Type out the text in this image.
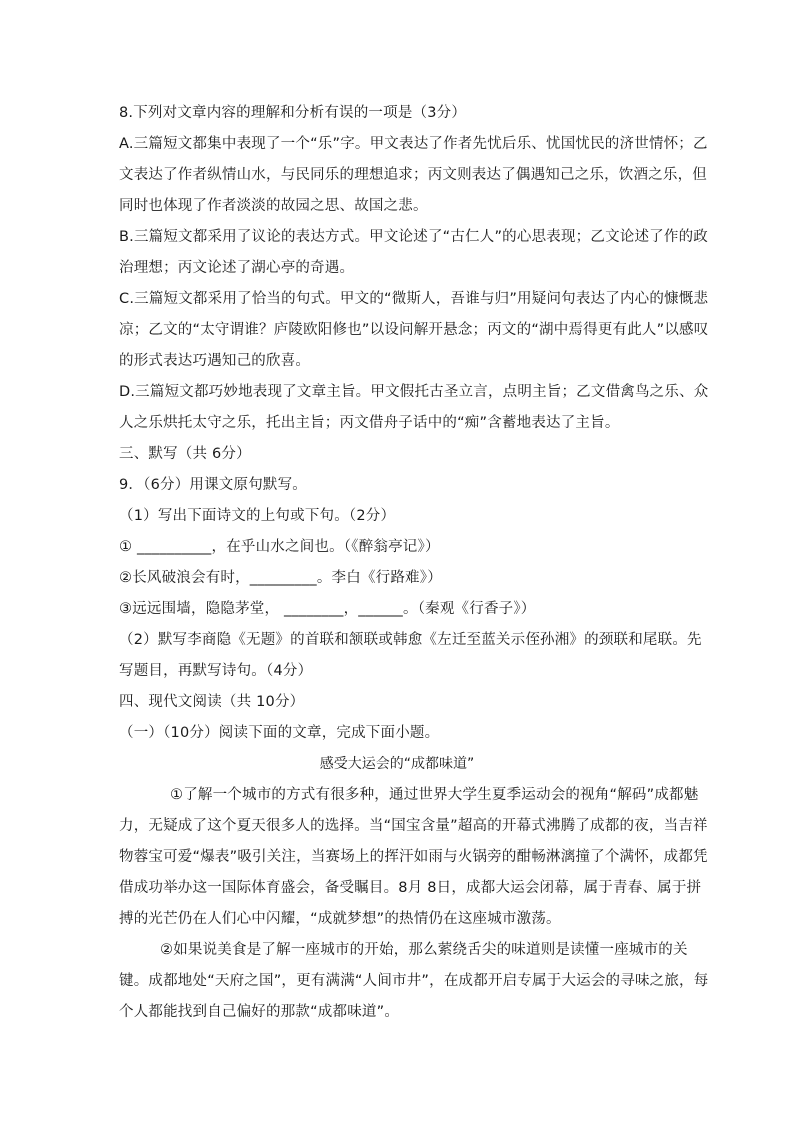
8.下列对文章内容的理解和分析有误的一项是（3分）
A.三篇短文都集中表现了一个“乐”字。甲文表达了作者先忧后乐、忧国忧民的济世情怀；乙
文表达了作者纵情山水，与民同乐的理想追求；丙文则表达了偶遇知己之乐，饮酒之乐，但
同时也体现了作者淡淡的故园之思、故国之悲。
B.三篇短文都采用了议论的表达方式。甲文论述了“古仁人”的心思表现；乙文论述了作的政
治理想；丙文论述了湖心亭的奇遇。
C.三篇短文都采用了恰当的句式。甲文的“微斯人，吾谁与归”用疑问句表达了内心的慷慨悲
凉；乙文的“太守谓谁？庐陵欧阳修也”以设问解开悬念；丙文的“湖中焉得更有此人”以感叹
的形式表达巧遇知己的欣喜。
D.三篇短文都巧妙地表现了文章主旨。甲文假托古圣立言，点明主旨；乙文借禽鸟之乐、众
人之乐烘托太守之乐，托出主旨；丙文借舟子话中的“痴”含蓄地表达了主旨。
三、默写（共 6分）
9．（6分）用课文原句默写。
（1）写出下面诗文的上句或下句。（2分）
① __________，在乎山水之间也。（《醉翁亭记》）
②长风破浪会有时，_________。李白《行路难》）
③远远围墙，隐隐茅堂， ________，______。（秦观《行香子》）
（2）默写李商隐《无题》的首联和颔联或韩愈《左迁至蓝关示侄孙湘》的颈联和尾联。先
写题目，再默写诗句。（4分）
四、现代文阅读（共 10分）
（一）（10分）阅读下面的文章，完成下面小题。
感受大运会的“成都味道”
①了解一个城市的方式有很多种，通过世界大学生夏季运动会的视角“解码”成都魅
力，无疑成了这个夏天很多人的选择。当“国宝含量”超高的开幕式沸腾了成都的夜，当吉祥
物蓉宝可爱“爆表”吸引关注，当赛场上的挥汗如雨与火锅旁的酣畅淋漓撞了个满怀，成都凭
借成功举办这一国际体育盛会，备受瞩目。8月 8日，成都大运会闭幕，属于青春、属于拼
搏的光芒仍在人们心中闪耀，“成就梦想”的热情仍在这座城市激荡。
②如果说美食是了解一座城市的开始，那么萦绕舌尖的味道则是读懂一座城市的关
键。成都地处“天府之国”，更有满满“人间市井”，在成都开启专属于大运会的寻味之旅，每
个人都能找到自己偏好的那款“成都味道”。
